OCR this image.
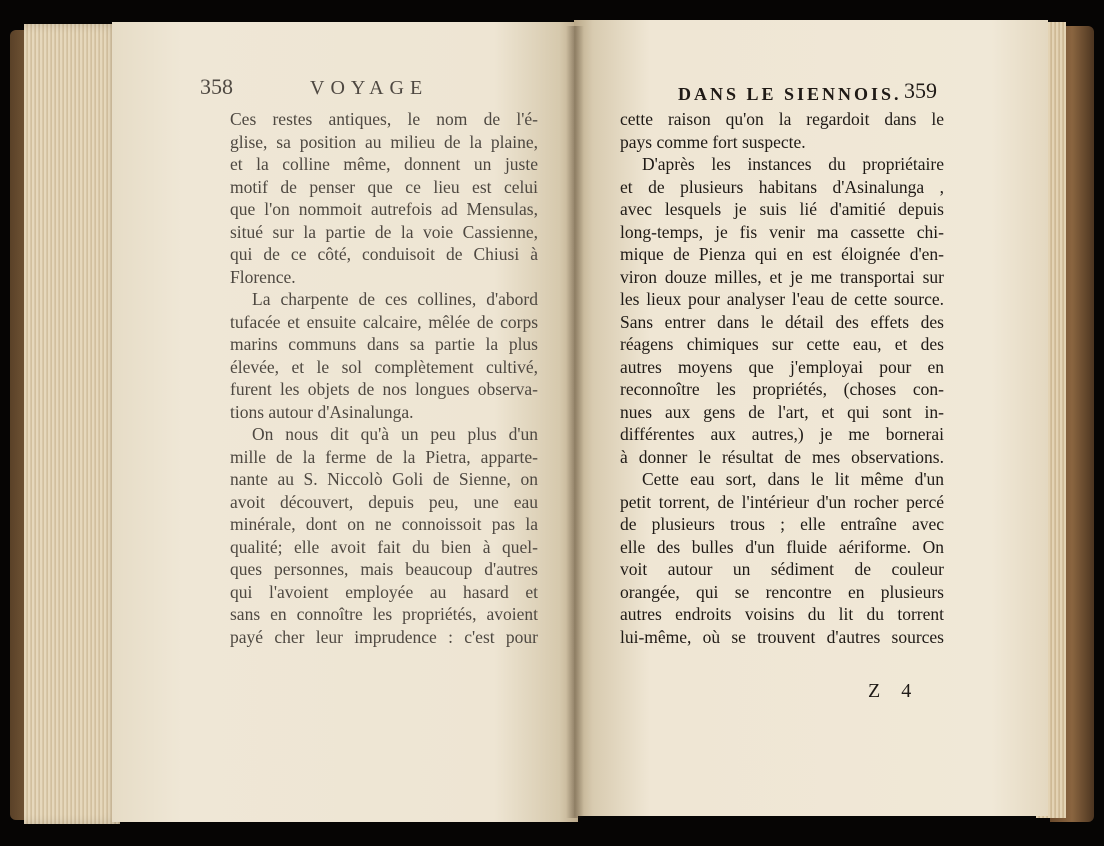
358	VOYAGE
Ces restes antiques, le nom de l'é-
glise, sa position au milieu de la plaine,
et la colline même, donnent un juste
motif de penser que ce lieu est celui
que l'on nommoit autrefois ad Mensulas,
situé sur la partie de la voie Cassienne,
qui de ce côté, conduisoit de Chiusi à
Florence.
La charpente de ces collines, d'abord
tufacée et ensuite calcaire, mêlée de corps
marins communs dans sa partie la plus
élevée, et le sol complètement cultivé,
furent les objets de nos longues observa-
tions autour d'Asinalunga.
On nous dit qu'à un peu plus d'un
mille de la ferme de la Pietra, apparte-
nante au S. Niccolò Goli de Sienne, on
avoit découvert, depuis peu, une eau
minérale, dont on ne connoissoit pas la
qualité; elle avoit fait du bien à quel-
ques personnes, mais beaucoup d'autres
qui l'avoient employée au hasard et
sans en connoître les propriétés, avoient
payé cher leur imprudence : c'est pour
DANS LE SIENNOIS. 359
cette raison qu'on la regardoit dans le
pays comme fort suspecte.
D'après les instances du propriétaire
et de plusieurs habitans d'Asinalunga ,
avec lesquels je suis lié d'amitié depuis
long-temps, je fis venir ma cassette chi-
mique de Pienza qui en est éloignée d'en-
viron douze milles, et je me transportai sur
les lieux pour analyser l'eau de cette source.
Sans entrer dans le détail des effets des
réagens chimiques sur cette eau, et des
autres moyens que j'employai pour en
reconnoître les propriétés, (choses con-
nues aux gens de l'art, et qui sont in-
différentes aux autres,) je me bornerai
à donner le résultat de mes observations.
Cette eau sort, dans le lit même d'un
petit torrent, de l'intérieur d'un rocher percé
de plusieurs trous ; elle entraîne avec
elle des bulles d'un fluide aériforme. On
voit autour un sédiment de couleur
orangée, qui se rencontre en plusieurs
autres endroits voisins du lit du torrent
lui-même, où se trouvent d'autres sources
Z 4
